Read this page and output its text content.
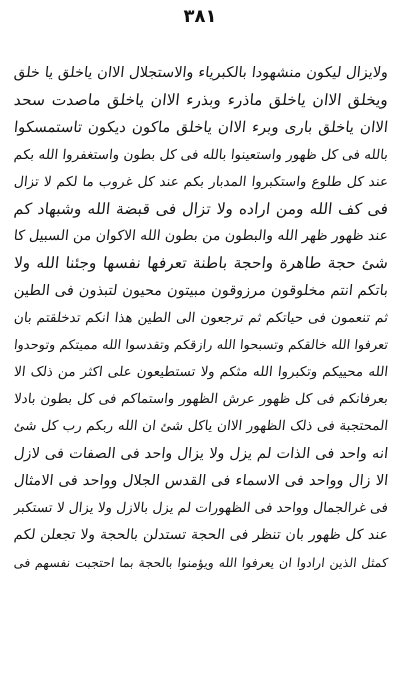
٣٨١
ولایزال لیکون منشهودا بالکبریاء والاستجلال الاان یاخلق یا خلق
ویخلق الاان یاخلق ماذرء وبذرء الاان یاخلق ماصدت سحد
الاان یاخلق باری وبرء الاان یاخلق ماکون دیکون تاستمسکوا
بالله فی کل ظهور واستعینوا بالله فی کل بطون واستغفروا الله بکم
عند کل طلوع واستکبروا المدبار بکم عند کل غروب ما لکم لا تزال
فی کف الله ومن اراده ولا تزال فی قبضة الله وشبهاد کم
عند ظهور ظهر الله والبطون من بطون الله الاکوان من السبیل کا
شئ حجة طاهرة واحجة باطنة تعرفها نفسها وجئنا الله ولا
باتکم انتم مخلوقون مرزوقون مبیتون محیون لتبذون فی الطین
ثم تنعمون فی حیاتکم ثم ترجعون الی الطین هذا انکم تدخلقتم بان
تعرفوا الله خالقکم وتسبحوا الله رازقکم وتقدسوا الله ممیتکم وتوحدوا
الله محییکم وتکبروا الله مثکم ولا تستطیعون علی اکثر من ذلک الا
بعرفانکم فی کل ظهور عرش الظهور واستماکم فی کل بطون بادلا
المحتجبة فی ذلک الظهور الاان یاکل شئ ان الله ربکم رب کل شئ
انه واحد فی الذات لم یزل ولا یزال واحد فی الصفات فی لازل
الا زال وواحد فی الاسماء فی القدس الجلال وواحد فی الامثال
فی غرالجمال وواحد فی الظهورات لم یزل بالازل ولا یزال لا تستکبر
عند کل ظهور بان تنظر فی الحجة تستدلن بالحجة ولا تجعلن لکم
کمثل الذین ارادوا ان یعرفوا الله ویؤمنوا بالحجة بما احتجبت نفسهم فی
